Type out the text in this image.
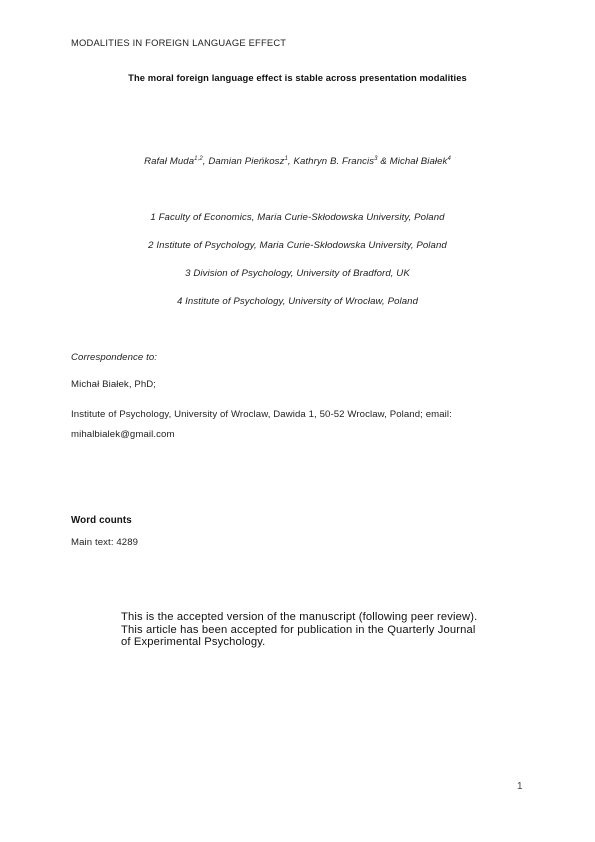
MODALITIES IN FOREIGN LANGUAGE EFFECT
The moral foreign language effect is stable across presentation modalities
Rafał Muda$^{1,2}$, Damian Pieńkosz$^1$, Kathryn B. Francis$^3$ & Michał Białek$^4$
1 Faculty of Economics, Maria Curie-Skłodowska University, Poland
2 Institute of Psychology, Maria Curie-Skłodowska University, Poland
3 Division of Psychology, University of Bradford, UK
4 Institute of Psychology, University of Wrocław, Poland
Correspondence to:
Michał Białek, PhD;
Institute of Psychology, University of Wroclaw, Dawida 1, 50-52 Wroclaw, Poland; email:
mihalbialek@gmail.com
Word counts
Main text: 4289
This is the accepted version of the manuscript (following peer review).
This article has been accepted for publication in the Quarterly Journal
of Experimental Psychology.
1
